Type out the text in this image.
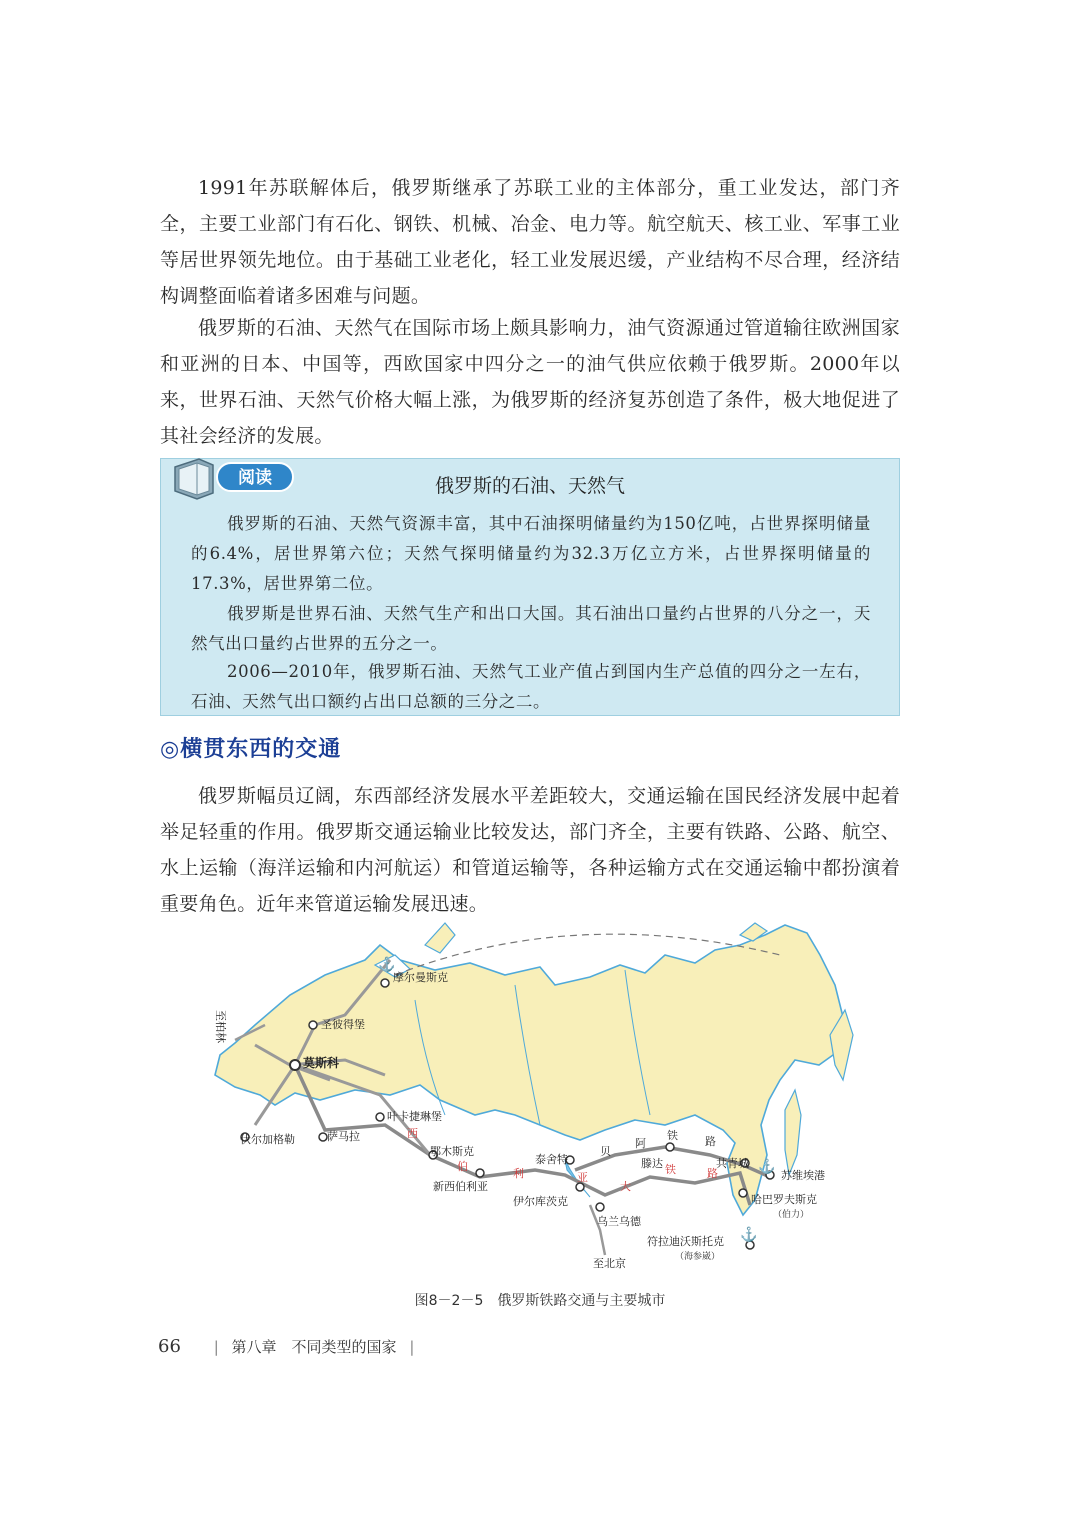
1991年苏联解体后，俄罗斯继承了苏联工业的主体部分，重工业发达，部门齐全，主要工业部门有石化、钢铁、机械、冶金、电力等。航空航天、核工业、军事工业等居世界领先地位。由于基础工业老化，轻工业发展迟缓，产业结构不尽合理，经济结构调整面临着诸多困难与问题。

俄罗斯的石油、天然气在国际市场上颇具影响力，油气资源通过管道输往欧洲国家和亚洲的日本、中国等，西欧国家中四分之一的油气供应依赖于俄罗斯。2000年以来，世界石油、天然气价格大幅上涨，为俄罗斯的经济复苏创造了条件，极大地促进了其社会经济的发展。

阅读	俄罗斯的石油、天然气

俄罗斯的石油、天然气资源丰富，其中石油探明储量约为150亿吨，占世界探明储量的6.4%，居世界第六位；天然气探明储量约为32.3万亿立方米，占世界探明储量的17.3%，居世界第二位。

俄罗斯是世界石油、天然气生产和出口大国。其石油出口量约占世界的八分之一，天然气出口量约占世界的五分之一。

2006—2010年，俄罗斯石油、天然气工业产值占到国内生产总值的四分之一左右，石油、天然气出口额约占出口总额的三分之二。

◎横贯东西的交通

俄罗斯幅员辽阔，东西部经济发展水平差距较大，交通运输在国民经济发展中起着举足轻重的作用。俄罗斯交通运输业比较发达，部门齐全，主要有铁路、公路、航空、水上运输（海洋运输和内河航运）和管道运输等，各种运输方式在交通运输中都扮演着重要角色。近年来管道运输发展迅速。

摩尔曼斯克
圣彼得堡
莫斯科
叶卡捷琳堡
伏尔加格勒	萨马拉
鄂木斯克
新西伯利亚
泰舍特
伊尔库茨克
乌兰乌德
滕达	共青城
苏维埃港
哈巴罗夫斯克
（伯力）
符拉迪沃斯托克
（海参崴）
至北京
至柏林
西
伯
利	亚
大
铁	路
贝
阿
铁 路
⚓
⚓
⚓
图8－2－5　俄罗斯铁路交通与主要城市
66 | 第八章　不同类型的国家 |
